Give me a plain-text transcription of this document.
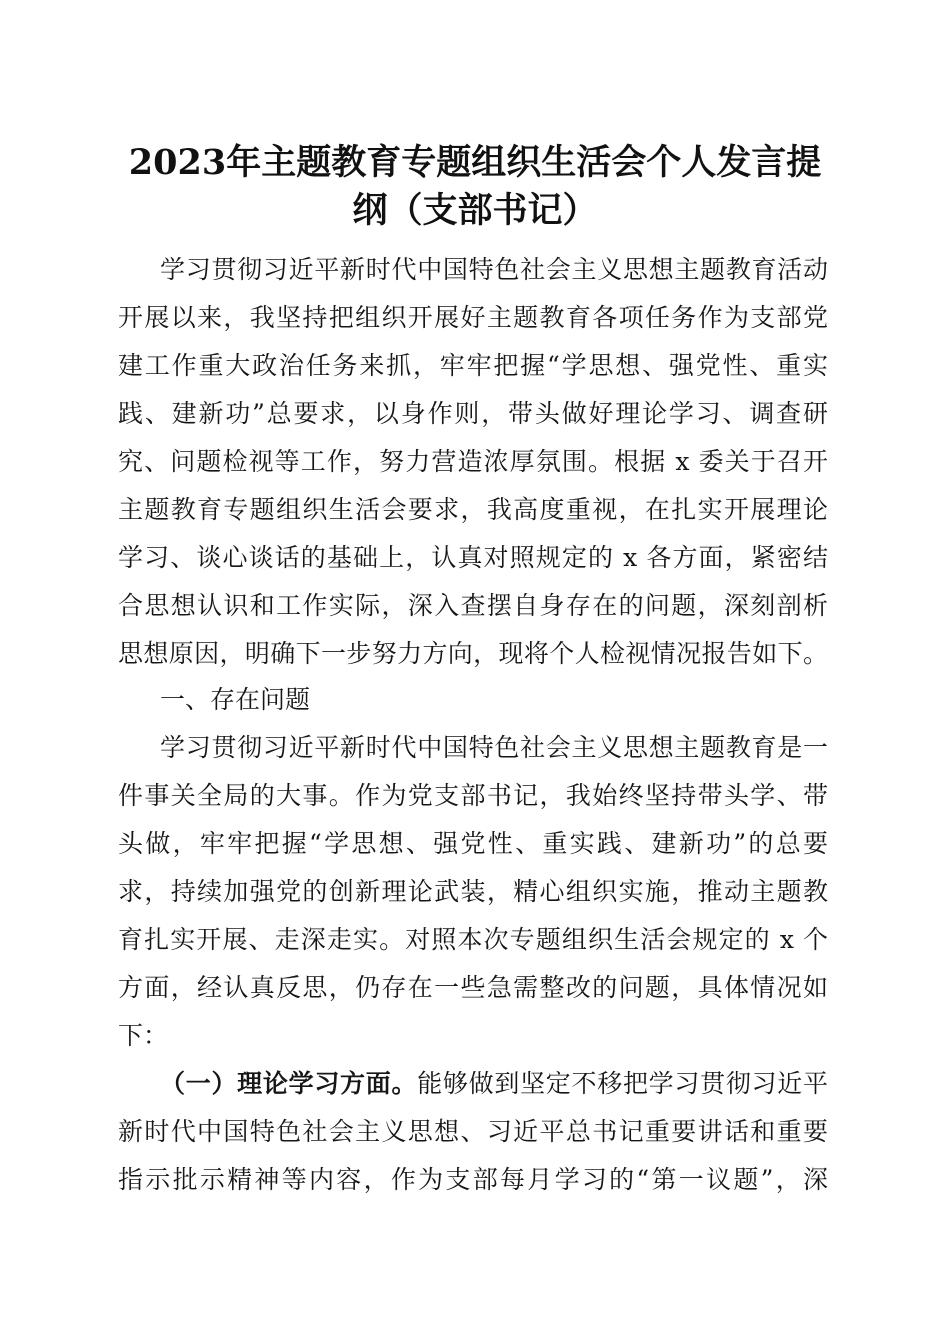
2023年主题教育专题组织生活会个人发言提
纲（支部书记）
学习贯彻习近平新时代中国特色社会主义思想主题教育活动
开展以来，我坚持把组织开展好主题教育各项任务作为支部党
建工作重大政治任务来抓，牢牢把握“学思想、强党性、重实
践、建新功”总要求，以身作则，带头做好理论学习、调查研
究、问题检视等工作，努力营造浓厚氛围。根据 x 委关于召开
主题教育专题组织生活会要求，我高度重视，在扎实开展理论
学习、谈心谈话的基础上，认真对照规定的 x 各方面，紧密结
合思想认识和工作实际，深入查摆自身存在的问题，深刻剖析
思想原因，明确下一步努力方向，现将个人检视情况报告如下。
一、存在问题
学习贯彻习近平新时代中国特色社会主义思想主题教育是一
件事关全局的大事。作为党支部书记，我始终坚持带头学、带
头做，牢牢把握“学思想、强党性、重实践、建新功”的总要
求，持续加强党的创新理论武装，精心组织实施，推动主题教
育扎实开展、走深走实。对照本次专题组织生活会规定的 x 个
方面，经认真反思，仍存在一些急需整改的问题，具体情况如
下：
（一）理论学习方面。能够做到坚定不移把学习贯彻习近平
新时代中国特色社会主义思想、习近平总书记重要讲话和重要
指示批示精神等内容，作为支部每月学习的“第一议题”，深
